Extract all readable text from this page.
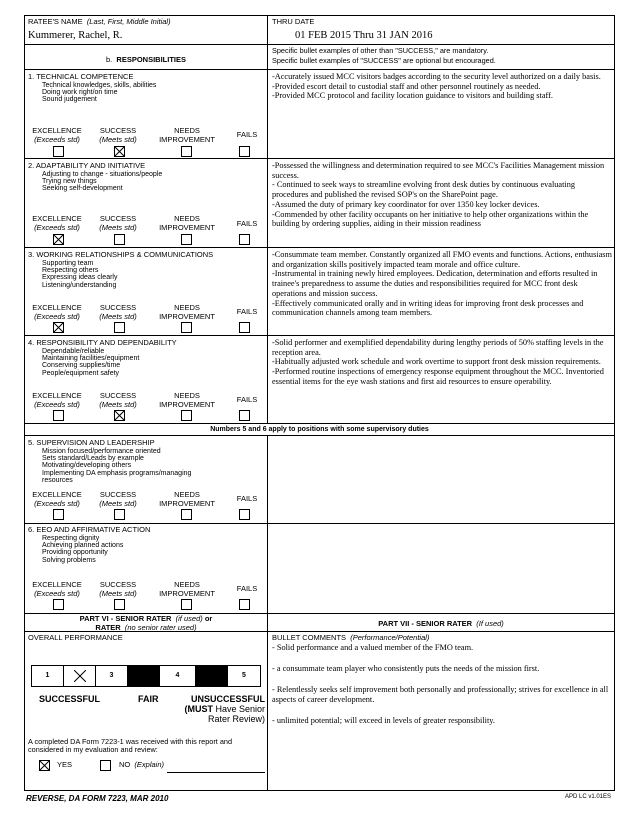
RATEE'S NAME (Last, First, Middle Initial)
Kummerer, Rachel, R.
THRU DATE
01 FEB 2015 Thru 31 JAN 2016
b. RESPONSIBILITIES
Specific bullet examples of other than "SUCCESS," are mandatory.
Specific bullet examples of "SUCCESS" are optional but encouraged.
1. TECHNICAL COMPETENCE
Technical knowledges, skills, abilities
Doing work right/on time
Sound judgement
EXCELLENCE
(Exceeds std)
SUCCESS
(Meets std)
NEEDS
IMPROVEMENT	FAILS
-Accurately issued MCC visitors badges according to the security level authorized on a daily basis.
-Provided escort detail to custodial staff and other personnel routinely as needed.
-Provided MCC protocol and facility location guidance to visitors and building staff.
2. ADAPTABILITY AND INITIATIVE
Adjusting to change - situations/people
Trying new things
Seeking self-development
EXCELLENCE
(Exceeds std)
SUCCESS
(Meets std)
NEEDS
IMPROVEMENT	FAILS
-Possessed the willingness and determination required to see MCC's Facilities Management mission success.
- Continued to seek ways to streamline evolving front desk duties by continuous evaluating procedures and published the revised SOP's on the SharePoint page.
-Assumed the duty of primary key coordinator for over 1350 key locker devices.
-Commended by other facility occupants on her initiative to help other organizations within the building by ordering supplies, aiding in their mission readiness
3. WORKING RELATIONSHIPS & COMMUNICATIONS
Supporting team
Respecting others
Expressing ideas clearly
Listening/understanding
EXCELLENCE
(Exceeds std)
SUCCESS
(Meets std)
NEEDS
IMPROVEMENT	FAILS
-Consummate team member. Constantly organized all FMO events and functions. Actions, enthusiasm and organization skills positively impacted team morale and office culture.
-Instrumental in training newly hired employees. Dedication, determination and efforts resulted in trainee's preparedness to assume the duties and responsibilities required for MCC front desk operations and mission success.
-Effectively communicated orally and in writing ideas for improving front desk processes and communication channels among team members.
4. RESPONSIBILITY AND DEPENDABILITY
Dependable/reliable
Maintaining facilities/equipment
Conserving supplies/time
People/equipment safety
EXCELLENCE
(Exceeds std)
SUCCESS
(Meets std)
NEEDS
IMPROVEMENT	FAILS
-Solid performer and exemplified dependability during lengthy periods of 50% staffing levels in the reception area.
-Habitually adjusted work schedule and work overtime to support front desk mission requirements.
-Performed routine inspections of emergency response equipment throughout the MCC. Inventoried essential items for the eye wash stations and first aid resources to ensure operability.
Numbers 5 and 6 apply to positions with some supervisory duties
5. SUPERVISION AND LEADERSHIP
Mission focused/performance oriented
Sets standard/Leads by example
Motivating/developing others
Implementing DA emphasis programs/managing
resources
EXCELLENCE
(Exceeds std)
SUCCESS
(Meets std)
NEEDS
IMPROVEMENT	FAILS
6. EEO AND AFFIRMATIVE ACTION
Respecting dignity
Achieving planned actions
Providing opportunity
Solving problems
EXCELLENCE
(Exceeds std)
SUCCESS
(Meets std)
NEEDS
IMPROVEMENT	FAILS
PART VI - SENIOR RATER (if used) or
RATER (no senior rater used)	PART VII - SENIOR RATER (If used)
OVERALL PERFORMANCE
1	3	4	5
SUCCESSFUL	FAIR	UNSUCCESSFUL
(MUST Have Senior
Rater Review)
A completed DA Form 7223-1 was received with this report and considered in my evaluation and review:
YES	NO (Explain)
BULLET COMMENTS (Performance/Potential)
- Solid performance and a valued member of the FMO team.
- a consummate team player who consistently puts the needs of the mission first.
- Relentlessly seeks self improvement both personally and professionally; strives for excellence in all aspects of career development.
- unlimited potential; will exceed in levels of greater responsibility.
REVERSE, DA FORM 7223, MAR 2010	APD LC v1.01ES
